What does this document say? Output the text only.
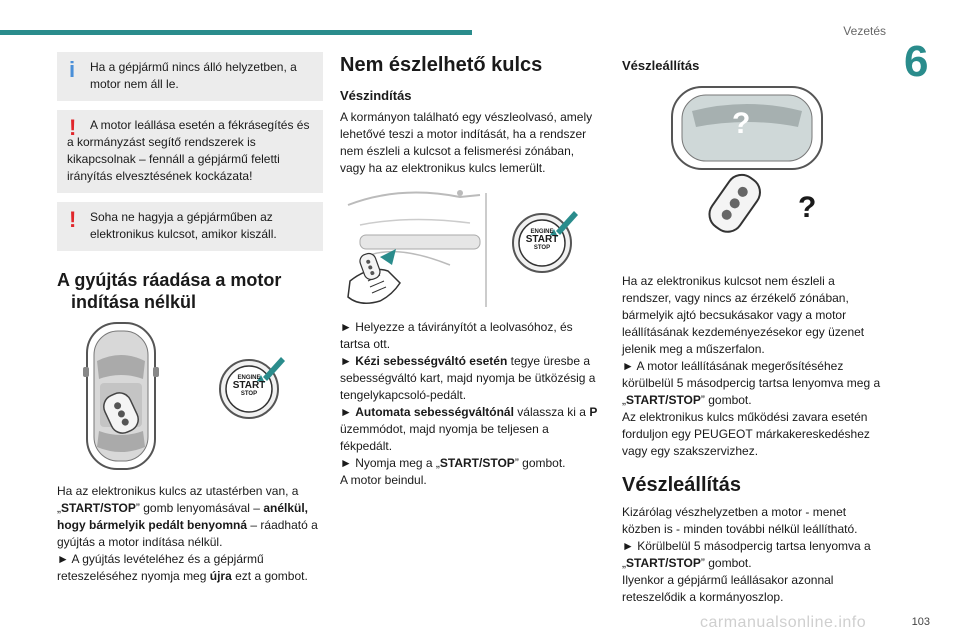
Vezetés
6
i	Ha a gépjármű nincs álló helyzetben, a motor nem áll le.

!	A motor leállása esetén a fékrásegítés és a kormányzást segítő rendszerek is kikapcsolnak – fennáll a gépjármű feletti irányítás elvesztésének kockázata!

!	Soha ne hagyja a gépjárműben az elektronikus kulcsot, amikor kiszáll.

A gyújtás ráadása a motor
indítása nélkül
ENGINE
START
STOP

Ha az elektronikus kulcs az utastérben van, a „START/STOP” gomb lenyomásával – anélkül, hogy bármelyik pedált benyomná – ráadható a gyújtás a motor indítása nélkül.

► A gyújtás levételéhez és a gépjármű reteszeléséhez nyomja meg újra ezt a gombot.

Nem észlelhető kulcs
Vészindítás

A kormányon található egy vészleolvasó, amely lehetővé teszi a motor indítását, ha a rendszer nem észleli a kulcsot a felismerési zónában, vagy ha az elektronikus kulcs lemerült.

ENGINE
START
STOP

► Helyezze a távirányítót a leolvasóhoz, és tartsa ott.

► Kézi sebességváltó esetén tegye üresbe a sebességváltó kart, majd nyomja be ütközésig a tengelykapcsoló-pedált.

► Automata sebességváltónál válassza ki a P üzemmódot, majd nyomja be teljesen a fékpedált.

► Nyomja meg a „START/STOP” gombot.

A motor beindul.

Vészleállítás
?
?

Ha az elektronikus kulcsot nem észleli a rendszer, vagy nincs az érzékelő zónában, bármelyik ajtó becsukásakor vagy a motor leállításának kezdeményezésekor egy üzenet jelenik meg a műszerfalon.

► A motor leállításának megerősítéséhez körülbelül 5 másodpercig tartsa lenyomva meg a „START/STOP” gombot.

Az elektronikus kulcs működési zavara esetén forduljon egy PEUGEOT márkakereskedéshez vagy egy szakszervizhez.

Vészleállítás

Kizárólag vészhelyzetben a motor - menet közben is - minden további nélkül leállítható.

► Körülbelül 5 másodpercig tartsa lenyomva a „START/STOP” gombot.

Ilyenkor a gépjármű leállásakor azonnal reteszelődik a kormányoszlop.

carmanualsonline.info	103
